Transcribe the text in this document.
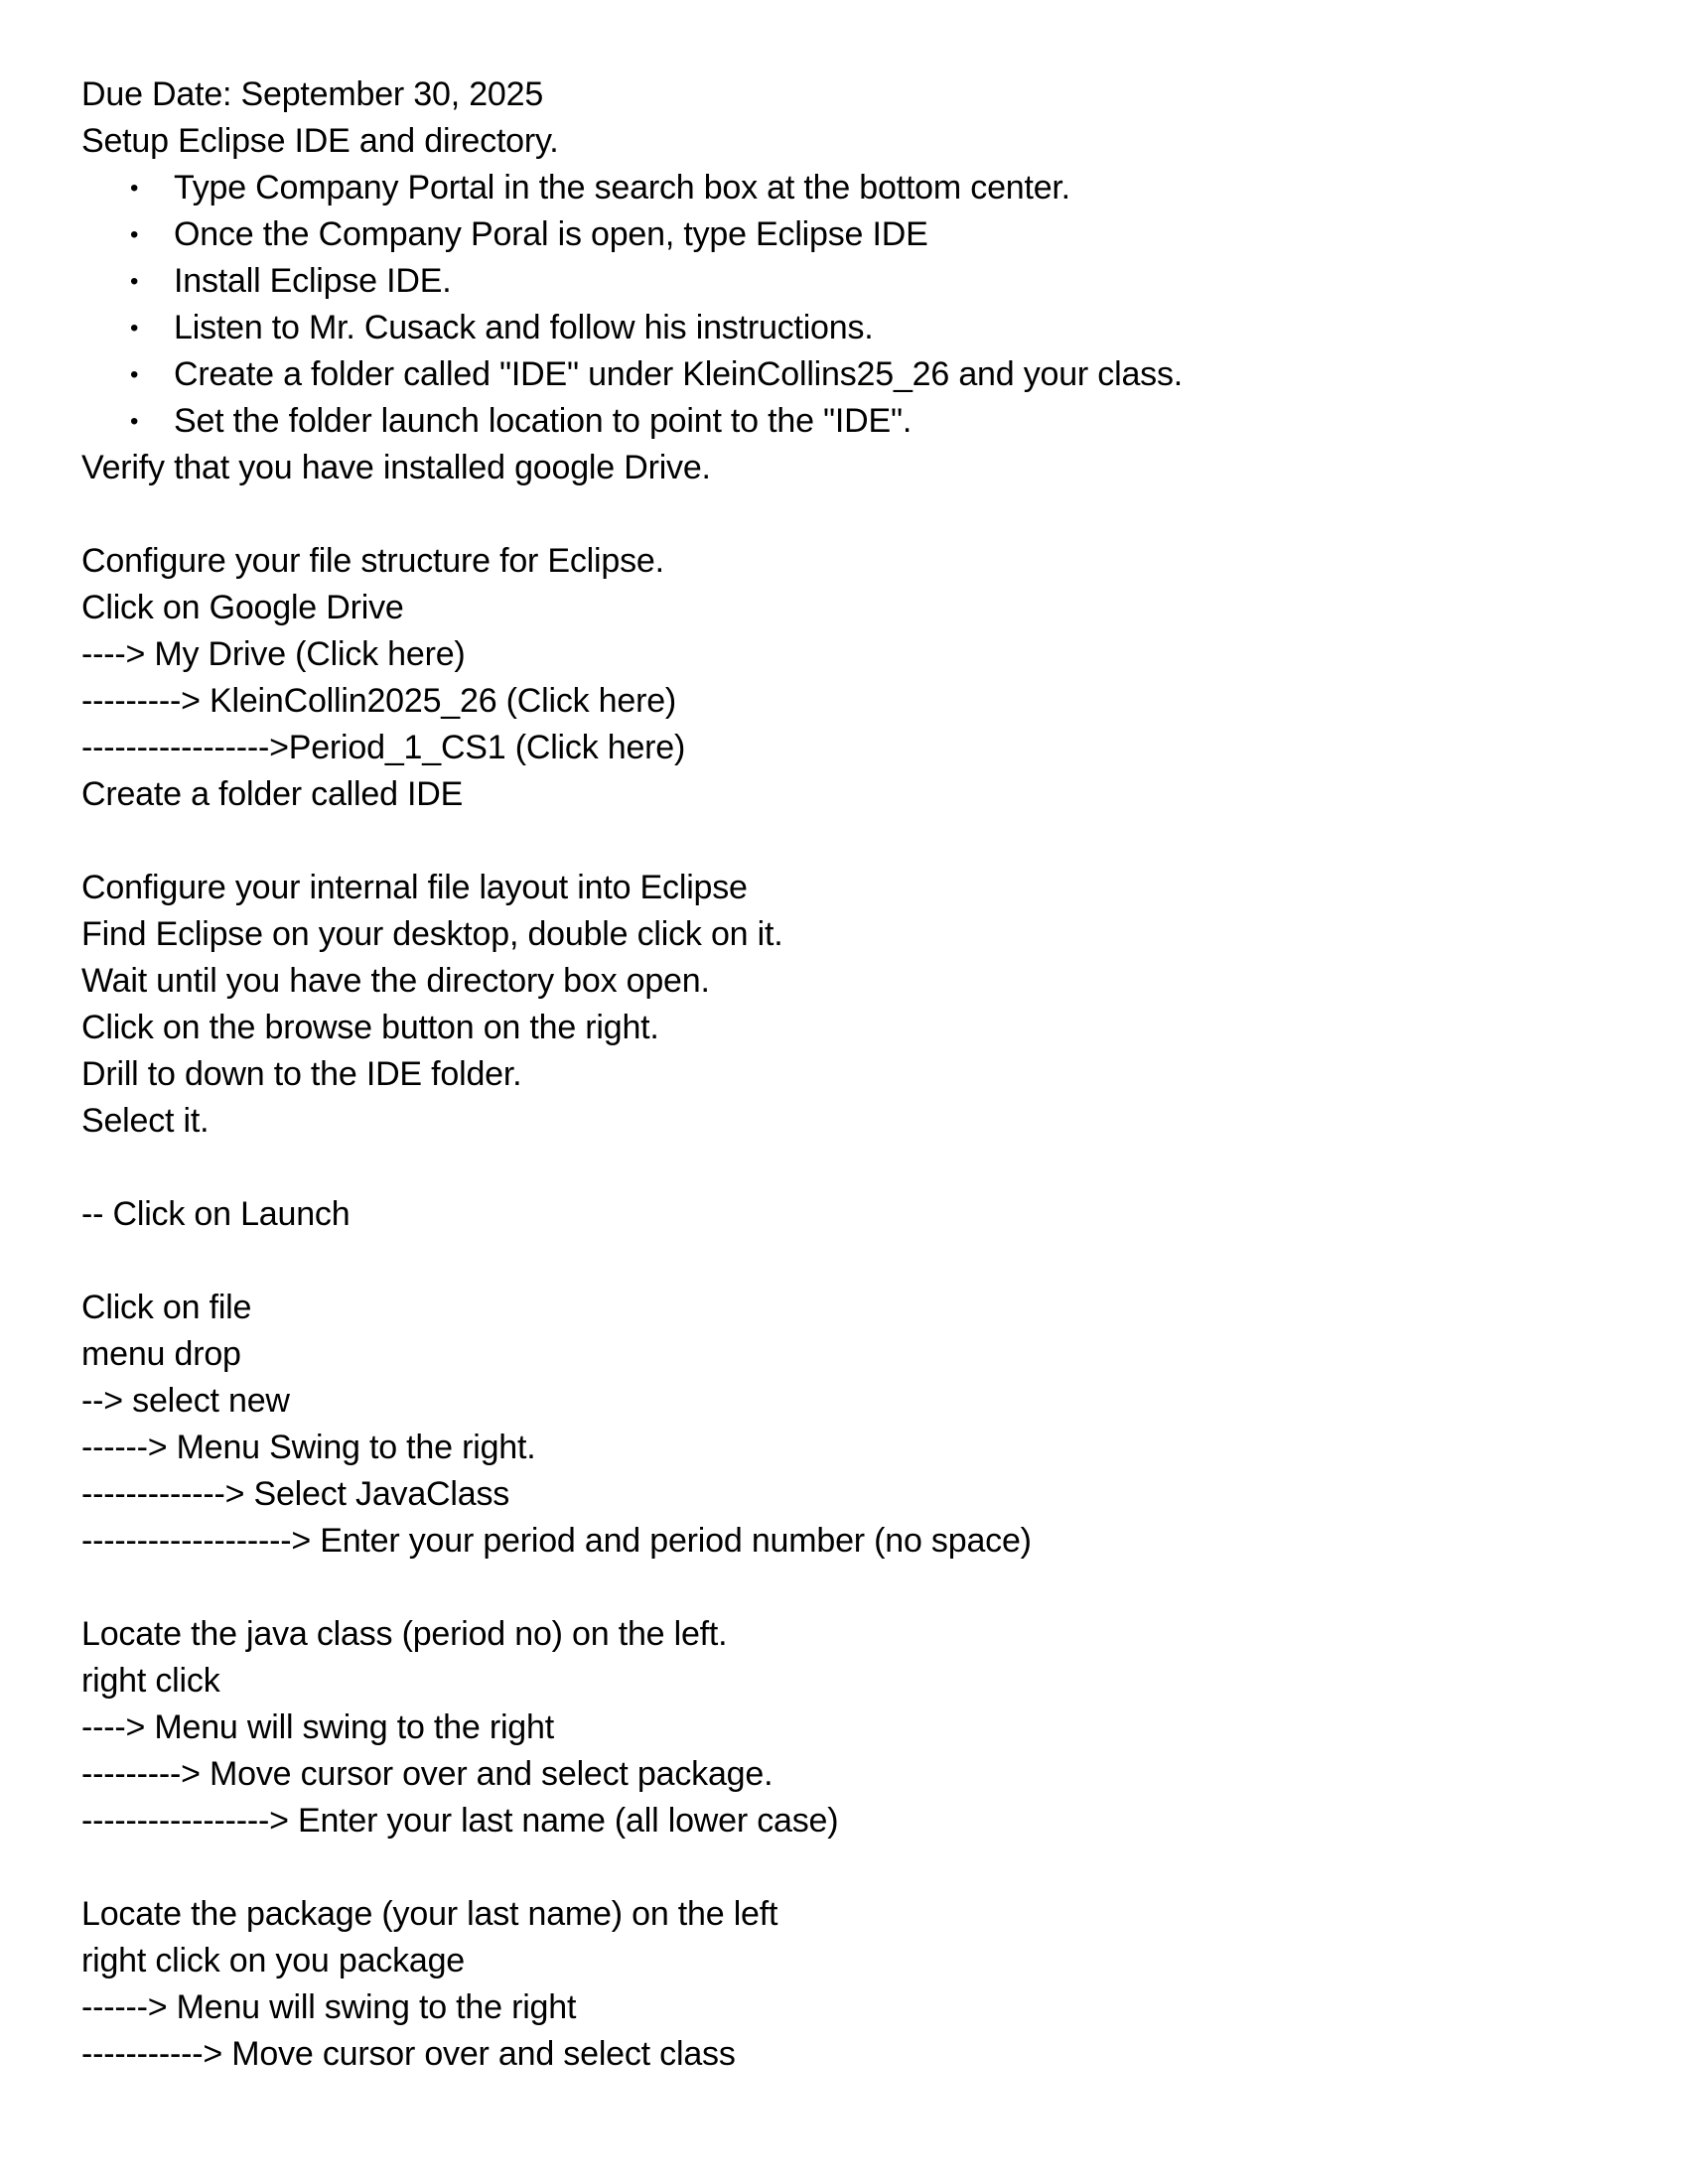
Due Date: September 30, 2025
Setup Eclipse IDE and directory.
•	Type Company Portal in the search box at the bottom center.
•	Once the Company Poral is open, type Eclipse IDE
•	Install Eclipse IDE.
•	Listen to Mr. Cusack and follow his instructions.
•	Create a folder called "IDE" under KleinCollins25_26 and your class.
•	Set the folder launch location to point to the "IDE".
Verify that you have installed google Drive.

Configure your file structure for Eclipse.
Click on Google Drive
----> My Drive (Click here)
---------> KleinCollin2025_26 (Click here)
----------------->Period_1_CS1 (Click here)
Create a folder called IDE

Configure your internal file layout into Eclipse
Find Eclipse on your desktop, double click on it.
Wait until you have the directory box open.
Click on the browse button on the right.
Drill to down to the IDE folder.
Select it.

-- Click on Launch

Click on file
menu drop
--> select new
------> Menu Swing to the right.
-------------> Select JavaClass
-------------------> Enter your period and period number (no space)

Locate the java class (period no) on the left.
right click
----> Menu will swing to the right
---------> Move cursor over and select package.
-----------------> Enter your last name (all lower case)

Locate the package (your last name) on the left
right click on you package
------> Menu will swing to the right
-----------> Move cursor over and select class
